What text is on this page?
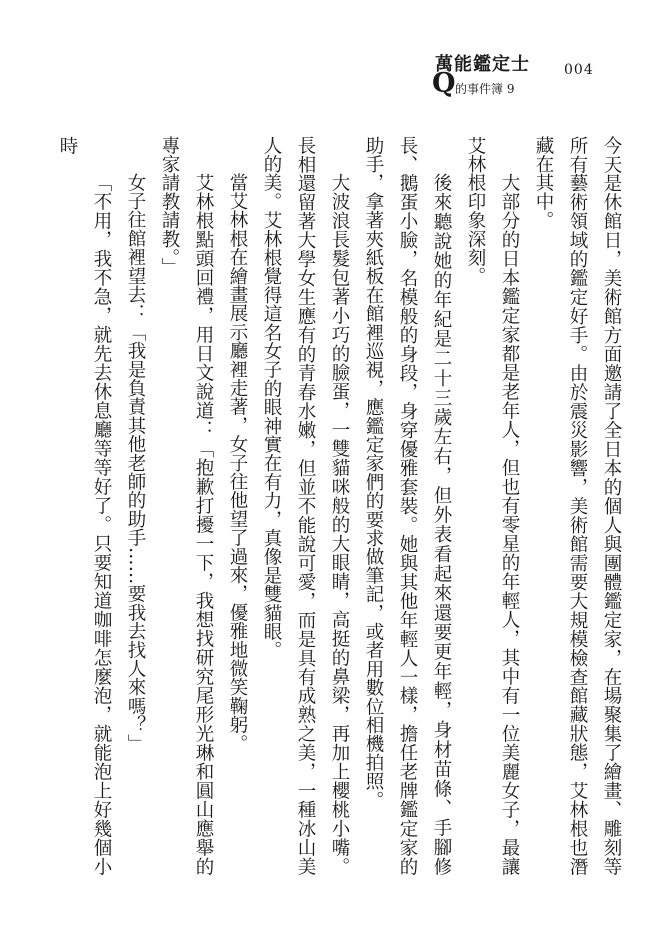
萬能鑑定士 004
Q 的事件簿 9

今天是休館日，美術館方面邀請了全日本的個人與團體鑑定家，在場聚集了繪畫、雕刻等所有藝術領域的鑑定好手。由於震災影響，美術館需要大規模檢查館藏狀態，艾林根也潛藏在其中。

大部分的日本鑑定家都是老年人，但也有零星的年輕人，其中有一位美麗女子，最讓艾林根印象深刻。

後來聽說她的年紀是二十三歲左右，但外表看起來還要更年輕，身材苗條、手腳修長、鵝蛋小臉，名模般的身段，身穿優雅套裝。她與其他年輕人一樣，擔任老牌鑑定家的助手，拿著夾紙板在館裡巡視，應鑑定家們的要求做筆記，或者用數位相機拍照。

大波浪長髮包著小巧的臉蛋，一雙貓咪般的大眼睛，高挺的鼻梁，再加上櫻桃小嘴。長相還留著大學女生應有的青春水嫩，但並不能說可愛，而是具有成熟之美，一種冰山美人的美。艾林根覺得這名女子的眼神實在有力，真像是雙貓眼。

當艾林根在繪畫展示廳裡走著，女子往他望了過來，優雅地微笑鞠躬。

艾林根點頭回禮，用日文說道：「抱歉打擾一下，我想找研究尾形光琳和圓山應舉的專家請教請教。」

女子往館裡望去：「我是負責其他老師的助手……要我去找人來嗎？」

「不用，我不急，就先去休息廳等等好了。只要知道咖啡怎麼泡，就能泡上好幾個小時
